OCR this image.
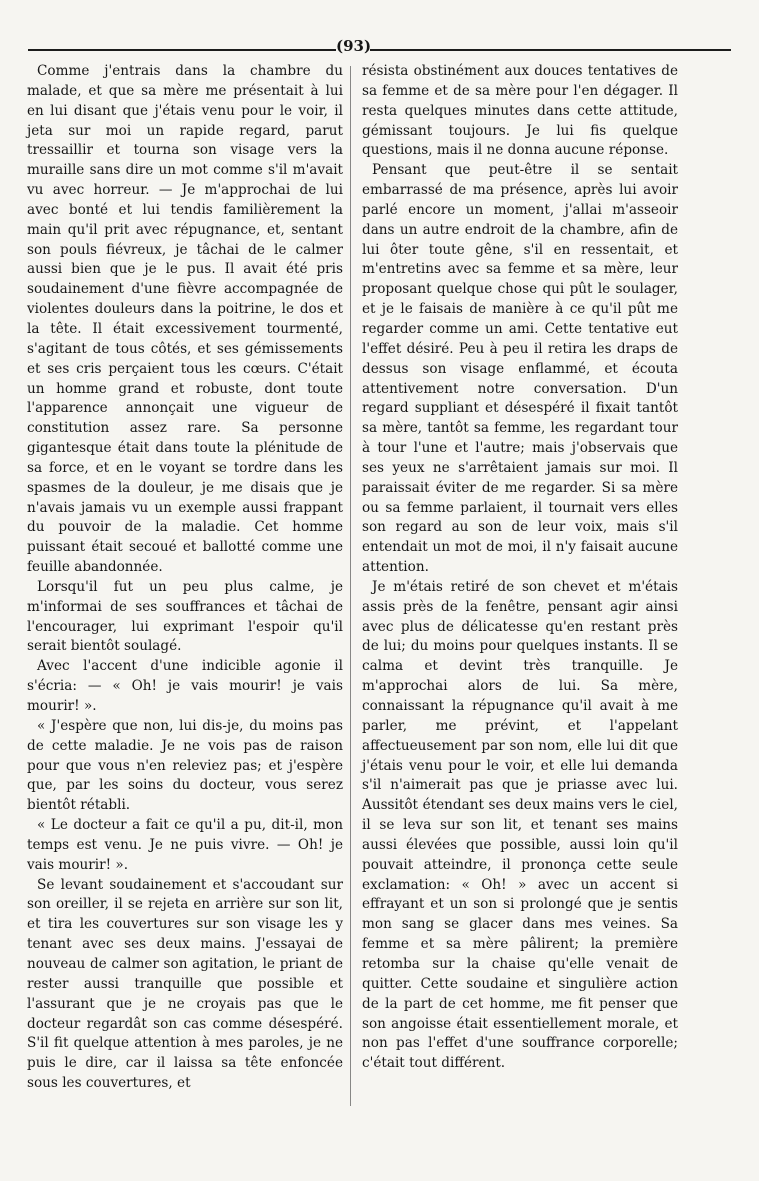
(93)

Comme j'entrais dans la chambre du malade, et que sa mère me présentait à lui en lui disant que j'étais venu pour le voir, il jeta sur moi un rapide regard, parut tressaillir et tourna son visage vers la muraille sans dire un mot comme s'il m'avait vu avec horreur. — Je m'approchai de lui avec bonté et lui tendis familièrement la main qu'il prit avec répugnance, et, sentant son pouls fiévreux, je tâchai de le calmer aussi bien que je le pus. Il avait été pris soudainement d'une fièvre accompagnée de violentes douleurs dans la poitrine, le dos et la tête. Il était excessivement tourmenté, s'agitant de tous côtés, et ses gémissements et ses cris perçaient tous les cœurs. C'était un homme grand et robuste, dont toute l'apparence annonçait une vigueur de constitution assez rare. Sa personne gigantesque était dans toute la plénitude de sa force, et en le voyant se tordre dans les spasmes de la douleur, je me disais que je n'avais jamais vu un exemple aussi frappant du pouvoir de la maladie. Cet homme puissant était secoué et ballotté comme une feuille abandonnée.

Lorsqu'il fut un peu plus calme, je m'informai de ses souffrances et tâchai de l'encourager, lui exprimant l'espoir qu'il serait bientôt soulagé.

Avec l'accent d'une indicible agonie il s'écria: — « Oh! je vais mourir! je vais mourir! ».

« J'espère que non, lui dis-je, du moins pas de cette maladie. Je ne vois pas de raison pour que vous n'en releviez pas; et j'espère que, par les soins du docteur, vous serez bientôt rétabli.

« Le docteur a fait ce qu'il a pu, dit-il, mon temps est venu. Je ne puis vivre. — Oh! je vais mourir! ».

Se levant soudainement et s'accoudant sur son oreiller, il se rejeta en arrière sur son lit, et tira les couvertures sur son visage les y tenant avec ses deux mains. J'essayai de nouveau de calmer son agitation, le priant de rester aussi tranquille que possible et l'assurant que je ne croyais pas que le docteur regardât son cas comme désespéré. S'il fit quelque attention à mes paroles, je ne puis le dire, car il laissa sa tête enfoncée sous les couvertures, et

résista obstinément aux douces tentatives de sa femme et de sa mère pour l'en dégager. Il resta quelques minutes dans cette attitude, gémissant toujours. Je lui fis quelque questions, mais il ne donna aucune réponse.

Pensant que peut-être il se sentait embarrassé de ma présence, après lui avoir parlé encore un moment, j'allai m'asseoir dans un autre endroit de la chambre, afin de lui ôter toute gêne, s'il en ressentait, et m'entretins avec sa femme et sa mère, leur proposant quelque chose qui pût le soulager, et je le faisais de manière à ce qu'il pût me regarder comme un ami. Cette tentative eut l'effet désiré. Peu à peu il retira les draps de dessus son visage enflammé, et écouta attentivement notre conversation. D'un regard suppliant et désespéré il fixait tantôt sa mère, tantôt sa femme, les regardant tour à tour l'une et l'autre; mais j'observais que ses yeux ne s'arrêtaient jamais sur moi. Il paraissait éviter de me regarder. Si sa mère ou sa femme parlaient, il tournait vers elles son regard au son de leur voix, mais s'il entendait un mot de moi, il n'y faisait aucune attention.

Je m'étais retiré de son chevet et m'étais assis près de la fenêtre, pensant agir ainsi avec plus de délicatesse qu'en restant près de lui; du moins pour quelques instants. Il se calma et devint très tranquille. Je m'approchai alors de lui. Sa mère, connaissant la répugnance qu'il avait à me parler, me prévint, et l'appelant affectueusement par son nom, elle lui dit que j'étais venu pour le voir, et elle lui demanda s'il n'aimerait pas que je priasse avec lui. Aussitôt étendant ses deux mains vers le ciel, il se leva sur son lit, et tenant ses mains aussi élevées que possible, aussi loin qu'il pouvait atteindre, il prononça cette seule exclamation: « Oh! » avec un accent si effrayant et un son si prolongé que je sentis mon sang se glacer dans mes veines. Sa femme et sa mère pâlirent; la première retomba sur la chaise qu'elle venait de quitter. Cette soudaine et singulière action de la part de cet homme, me fit penser que son angoisse était essentiellement morale, et non pas l'effet d'une souffrance corporelle; c'était tout différent.
